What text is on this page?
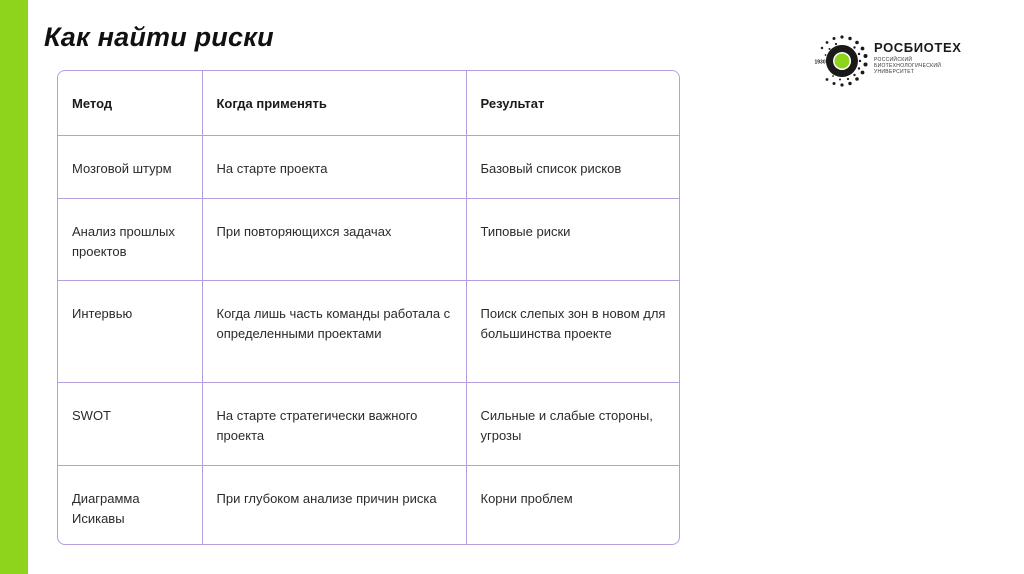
Как найти риски
1930
РОСБИОТЕХ
РОССИЙСКИЙ
БИОТЕХНОЛОГИЧЕСКИЙ
УНИВЕРСИТЕТ
Метод	Когда применять	Результат
Мозговой штурм	На старте проекта	Базовый список рисков
Анализ прошлых проектов	При повторяющихся задачах	Типовые риски
Интервью	Когда лишь часть команды работала с определенными проектами	Поиск слепых зон в новом для большинства проекте
SWOT	На старте стратегически важного проекта	Сильные и слабые стороны, угрозы
Диаграмма Исикавы	При глубоком анализе причин риска	Корни проблем
